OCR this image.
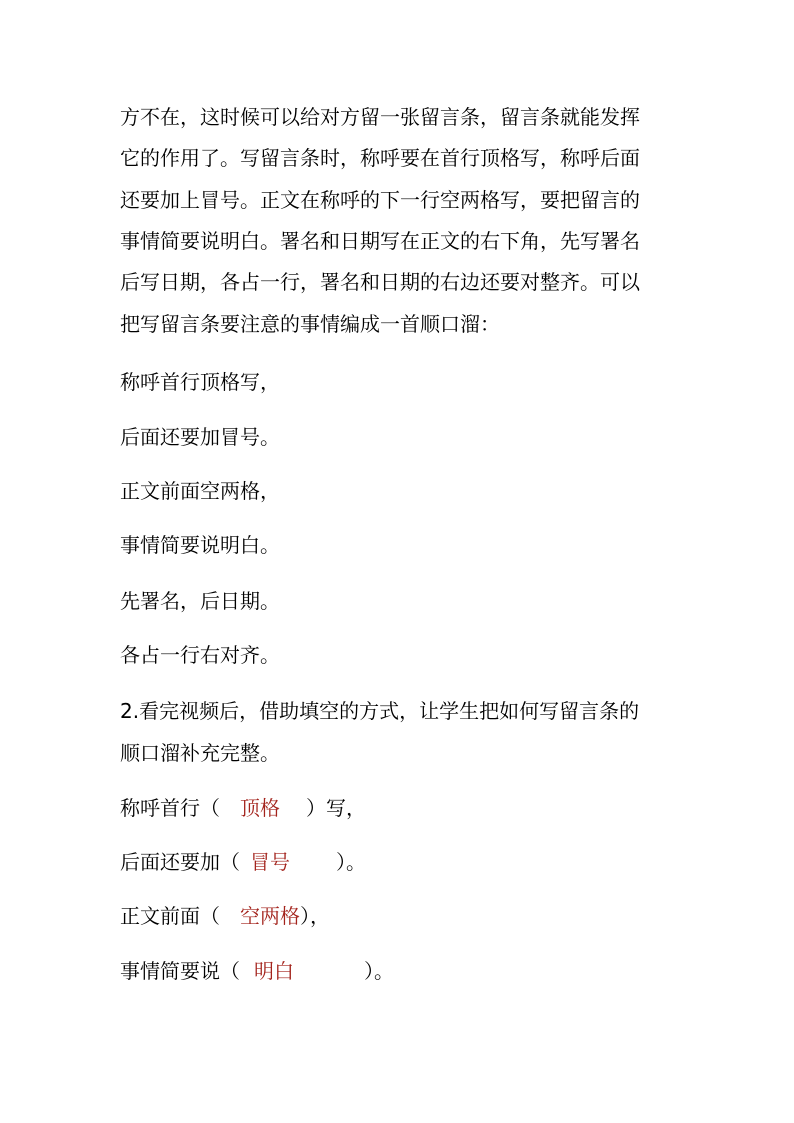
方不在，这时候可以给对方留一张留言条，留言条就能发挥
它的作用了。写留言条时，称呼要在首行顶格写，称呼后面
还要加上冒号。正文在称呼的下一行空两格写，要把留言的
事情简要说明白。署名和日期写在正文的右下角，先写署名
后写日期，各占一行，署名和日期的右边还要对整齐。可以
把写留言条要注意的事情编成一首顺口溜：
称呼首行顶格写，
后面还要加冒号。
正文前面空两格，
事情简要说明白。
先署名，后日期。
各占一行右对齐。
2.看完视频后，借助填空的方式，让学生把如何写留言条的
顺口溜补充完整。
称呼首行（ 顶格 ）写，
后面还要加（ 冒号 ）。
正文前面（ 空两格），
事情简要说（ 明白	）。
